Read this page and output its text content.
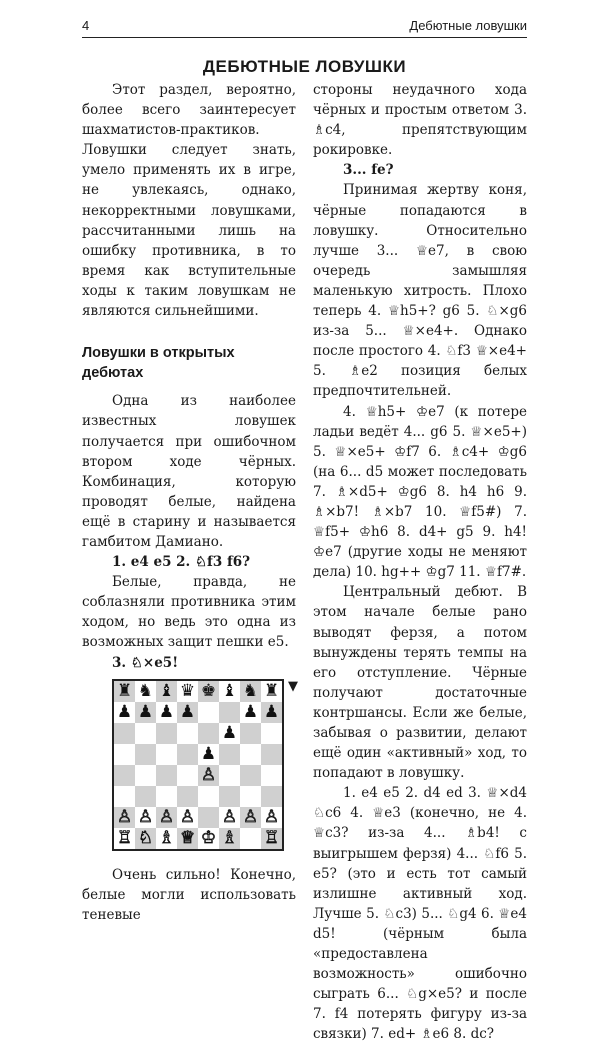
4	Дебютные ловушки
ДЕБЮТНЫЕ ЛОВУШКИ

Этот раздел, вероятно, более всего заинтересует шахматистов-практиков. Ловушки следует знать, умело применять их в игре, не увлекаясь, однако, некорректными ловушками, рассчитанными лишь на ошибку противника, в то время как вступительные ходы к таким ловушкам не являются сильнейшими.

Ловушки в открытых дебютах

Одна из наиболее известных ловушек получается при ошибочном втором ходе чёрных. Комбинация, которую проводят белые, найдена ещё в старину и называется гамбитом Дамиано.

1. e4 e5 2. ♘f3 f6?

Белые, правда, не соблазняли противника этим ходом, но ведь это одна из возможных защит пешки e5.

3. ♘×e5!

♜ ♞ ♝ ♛ ♚ ♝ ♞ ♜
♟ ♟ ♟ ♟	♟ ♟
♟
♟
♙
♙ ♙ ♙ ♙ ♙ ♙ ♙
♖ ♘ ♗ ♕ ♔ ♗ ♖
▼

Очень сильно! Конечно, белые могли использовать теневые

стороны неудачного хода чёрных и простым ответом 3. ♗c4, препятствующим рокировке.

3... fe?

Принимая жертву коня, чёрные попадаются в ловушку. Относительно лучше 3... ♕e7, в свою очередь замышляя маленькую хитрость. Плохо теперь 4. ♕h5+? g6 5. ♘×g6 из-за 5... ♕×e4+. Однако после простого 4. ♘f3 ♕×e4+ 5. ♗e2 позиция белых предпочтительней.

4. ♕h5+ ♔e7 (к потере ладьи ведёт 4... g6 5. ♕×e5+) 5. ♕×e5+ ♔f7 6. ♗c4+ ♔g6 (на 6... d5 может последовать 7. ♗×d5+ ♔g6 8. h4 h6 9. ♗×b7! ♗×b7 10. ♕f5#) 7. ♕f5+ ♔h6 8. d4+ g5 9. h4! ♔e7 (другие ходы не меняют дела) 10. hg++ ♔g7 11. ♕f7#.

Центральный дебют. В этом начале белые рано выводят ферзя, а потом вынуждены терять темпы на его отступление. Чёрные получают достаточные контршансы. Если же белые, забывая о развитии, делают ещё один «активный» ход, то попадают в ловушку.

1. e4 e5 2. d4 ed 3. ♕×d4 ♘c6 4. ♕e3 (конечно, не 4. ♕c3? из-за 4... ♗b4! с выигрышем ферзя) 4... ♘f6 5. e5? (это и есть тот самый излишне активный ход. Лучше 5. ♘c3) 5... ♘g4 6. ♕e4 d5! (чёрным была «предоставлена возможность» ошибочно сыграть 6... ♘g×e5? и после 7. f4 потерять фигуру из-за связки) 7. ed+ ♗e6 8. dc?
